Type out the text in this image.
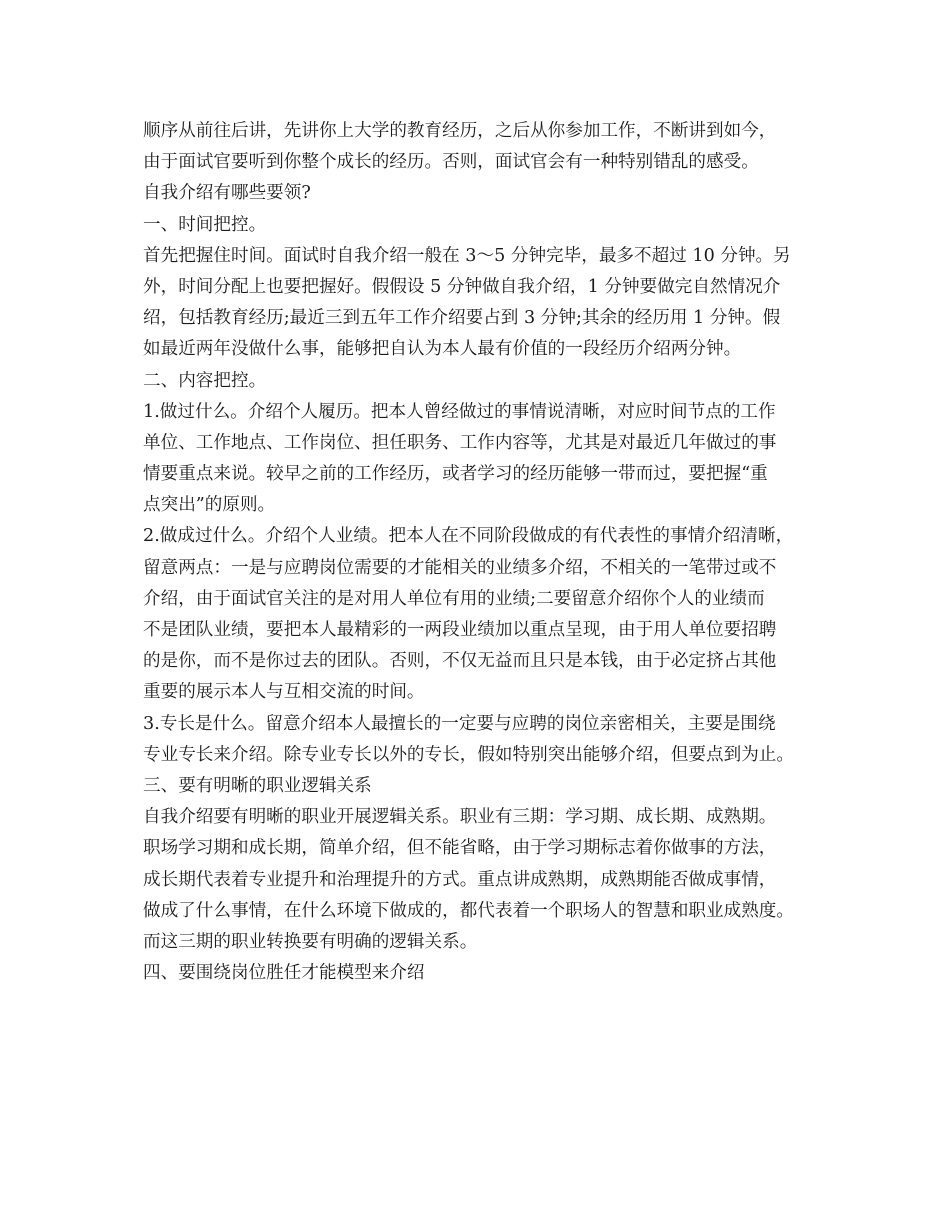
顺序从前往后讲，先讲你上大学的教育经历，之后从你参加工作，不断讲到如今，
由于面试官要听到你整个成长的经历。否则，面试官会有一种特别错乱的感受。
自我介绍有哪些要领?
一、时间把控。
首先把握住时间。面试时自我介绍一般在 3～5 分钟完毕，最多不超过 10 分钟。另
外，时间分配上也要把握好。假假设 5 分钟做自我介绍，1 分钟要做完自然情况介
绍，包括教育经历;最近三到五年工作介绍要占到 3 分钟;其余的经历用 1 分钟。假
如最近两年没做什么事，能够把自认为本人最有价值的一段经历介绍两分钟。
二、内容把控。
1.做过什么。介绍个人履历。把本人曾经做过的事情说清晰，对应时间节点的工作
单位、工作地点、工作岗位、担任职务、工作内容等，尤其是对最近几年做过的事
情要重点来说。较早之前的工作经历，或者学习的经历能够一带而过，要把握“重
点突出”的原则。
2.做成过什么。介绍个人业绩。把本人在不同阶段做成的有代表性的事情介绍清晰，
留意两点：一是与应聘岗位需要的才能相关的业绩多介绍，不相关的一笔带过或不
介绍，由于面试官关注的是对用人单位有用的业绩;二要留意介绍你个人的业绩而
不是团队业绩，要把本人最精彩的一两段业绩加以重点呈现，由于用人单位要招聘
的是你，而不是你过去的团队。否则，不仅无益而且只是本钱，由于必定挤占其他
重要的展示本人与互相交流的时间。
3.专长是什么。留意介绍本人最擅长的一定要与应聘的岗位亲密相关，主要是围绕
专业专长来介绍。除专业专长以外的专长，假如特别突出能够介绍，但要点到为止。
三、要有明晰的职业逻辑关系
自我介绍要有明晰的职业开展逻辑关系。职业有三期：学习期、成长期、成熟期。
职场学习期和成长期，简单介绍，但不能省略，由于学习期标志着你做事的方法，
成长期代表着专业提升和治理提升的方式。重点讲成熟期，成熟期能否做成事情，
做成了什么事情，在什么环境下做成的，都代表着一个职场人的智慧和职业成熟度。
而这三期的职业转换要有明确的逻辑关系。
四、要围绕岗位胜任才能模型来介绍
